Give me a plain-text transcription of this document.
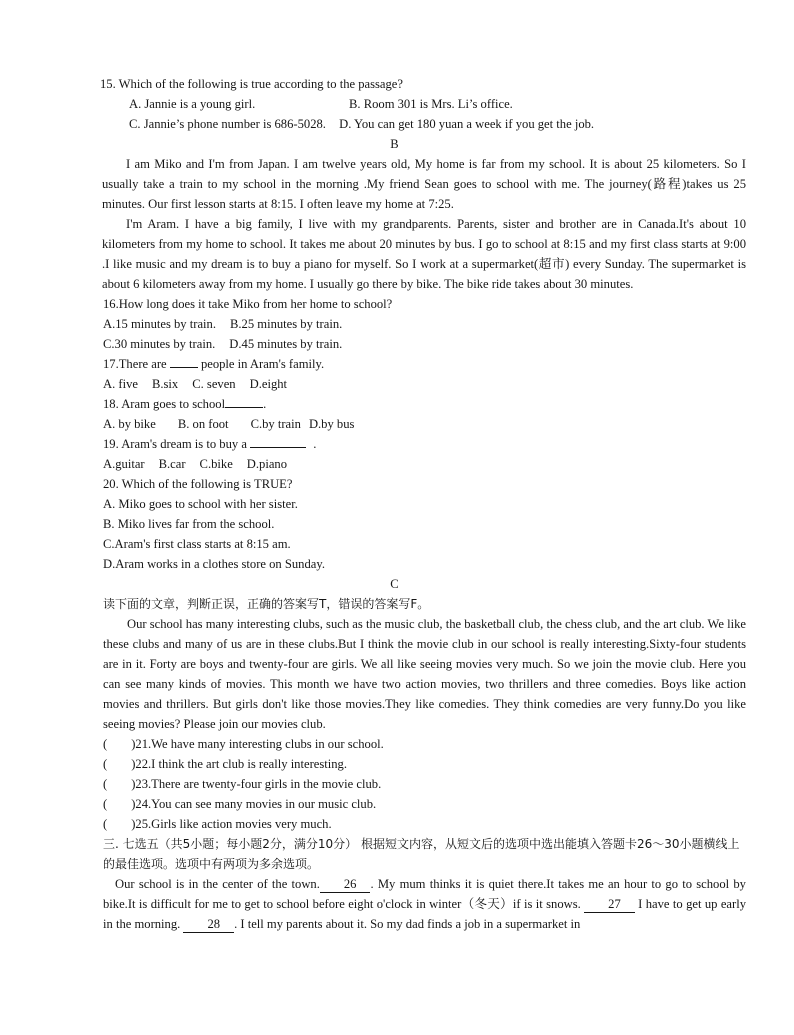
15. Which of the following is true according to the passage?

A. Jannie is a young girl.	B. Room 301 is Mrs. Li’s office.
C. Jannie’s phone number is 686-5028. D. You can get 180 yuan a week if you get the job.

B

I am Miko and I'm from Japan. I am twelve years old, My home is far from my school. It is about 25 kilometers. So I usually take a train to my school in the morning .My friend Sean goes to school with me. The journey(路程)takes us 25 minutes. Our first lesson starts at 8:15. I often leave my home at 7:25.

I'm Aram. I have a big family, I live with my grandparents. Parents, sister and brother are in Canada.It's about 10 kilometers from my home to school. It takes me about 20 minutes by bus. I go to school at 8:15 and my first class starts at 9:00 .I like music and my dream is to buy a piano for myself. So I work at a supermarket(超市) every Sunday. The supermarket is about 6 kilometers away from my home. I usually go there by bike. The bike ride takes about 30 minutes.

16.How long does it take Miko from her home to school?

A.15 minutes by train. B.25 minutes by train.
C.30 minutes by train. D.45 minutes by train.

17.There are	people in Aram's family.

A. five B.six C. seven D.eight

18. Aram goes to school	.

A. by bike B. on foot C.by train D.by bus

19. Aram's dream is to buy a	.

A.guitar B.car C.bike D.piano

20. Which of the following is TRUE?

A. Miko goes to school with her sister.

B. Miko lives far from the school.

C.Aram's first class starts at 8:15 am.

D.Aram works in a clothes store on Sunday.

C

读下面的文章，判断正误，正确的答案写T，错误的答案写F。

Our school has many interesting clubs, such as the music club, the basketball club, the chess club, and the art club. We like these clubs and many of us are in these clubs.But I think the movie club in our school is really interesting.Sixty-four students are in it. Forty are boys and twenty-four are girls. We all like seeing movies very much. So we join the movie club. Here you can see many kinds of movies. This month we have two action movies, two thrillers and three comedies. Boys like action movies and thrillers. But girls don't like those movies.They like comedies. They think comedies are very funny.Do you like seeing movies? Please join our movies club.

( )21.We have many interesting clubs in our school.

( )22.I think the art club is really interesting.

( )23.There are twenty-four girls in the movie club.

( )24.You can see many movies in our music club.

( )25.Girls like action movies very much.

三. 七选五（共5小题；每小题2分，满分10分） 根据短文内容，从短文后的选项中选出能填入答题卡26～30小题横线上的最佳选项。选项中有两项为多余选项。

Our school is in the center of the town. 26 . My mum thinks it is quiet there.It takes me an hour to go to school by bike.It is difficult for me to get to school before eight o'clock in winter（冬天）if is it snows. 27 I have to get up early in the morning. 28 . I tell my parents about it. So my dad finds a job in a supermarket in
